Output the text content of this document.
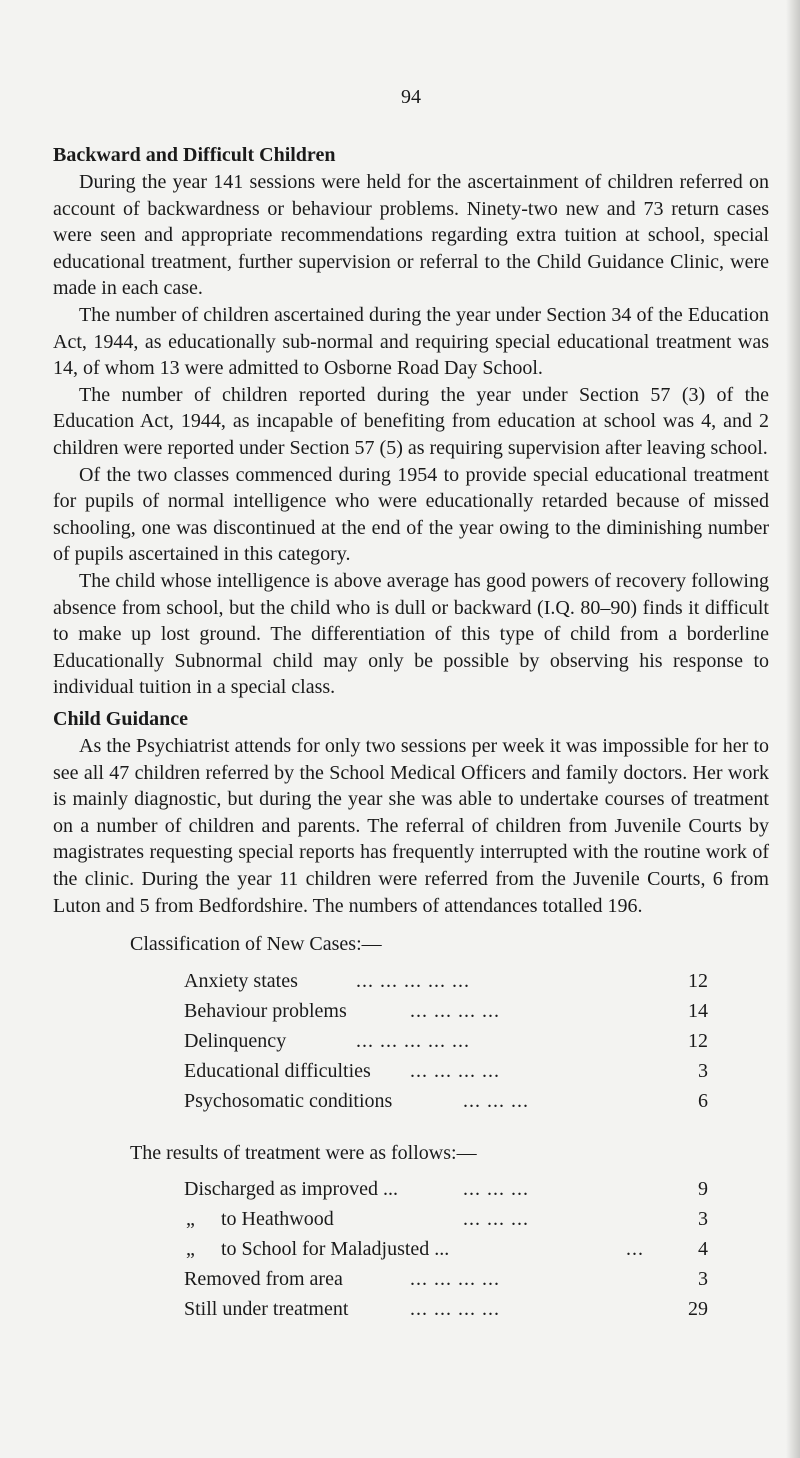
94
Backward and Difficult Children

During the year 141 sessions were held for the ascertainment of children referred on account of backwardness or behaviour problems. Ninety-two new and 73 return cases were seen and appropriate recommendations regarding extra tuition at school, special educational treatment, further supervision or referral to the Child Guidance Clinic, were made in each case.

The number of children ascertained during the year under Section 34 of the Education Act, 1944, as educationally sub-normal and requiring special educational treatment was 14, of whom 13 were admitted to Osborne Road Day School.

The number of children reported during the year under Section 57 (3) of the Education Act, 1944, as incapable of benefiting from education at school was 4, and 2 children were reported under Section 57 (5) as requiring supervision after leaving school.

Of the two classes commenced during 1954 to provide special educational treatment for pupils of normal intelligence who were educationally retarded because of missed schooling, one was discontinued at the end of the year owing to the diminishing number of pupils ascertained in this category.

The child whose intelligence is above average has good powers of recovery following absence from school, but the child who is dull or backward (I.Q. 80–90) finds it difficult to make up lost ground. The differentiation of this type of child from a borderline Educationally Subnormal child may only be possible by observing his response to individual tuition in a special class.

Child Guidance

As the Psychiatrist attends for only two sessions per week it was impossible for her to see all 47 children referred by the School Medical Officers and family doctors. Her work is mainly diagnostic, but during the year she was able to undertake courses of treatment on a number of children and parents. The referral of children from Juvenile Courts by magistrates requesting special reports has frequently interrupted with the routine work of the clinic. During the year 11 children were referred from the Juvenile Courts, 6 from Luton and 5 from Bedfordshire. The numbers of attendances totalled 196.

Classification of New Cases:—
Anxiety states	... ... ... ... ...	12
Behaviour problems	... ... ... ...	14
Delinquency	... ... ... ... ...	12
Educational difficulties ... ... ... ...	3
Psychosomatic conditions	... ... ...	6
The results of treatment were as follows:—
Discharged as improved ...	... ... ...	9
„ to Heathwood	... ... ...	3
„ to School for Maladjusted ...	...	4
Removed from area	... ... ... ...	3
Still under treatment	... ... ... ...	29
